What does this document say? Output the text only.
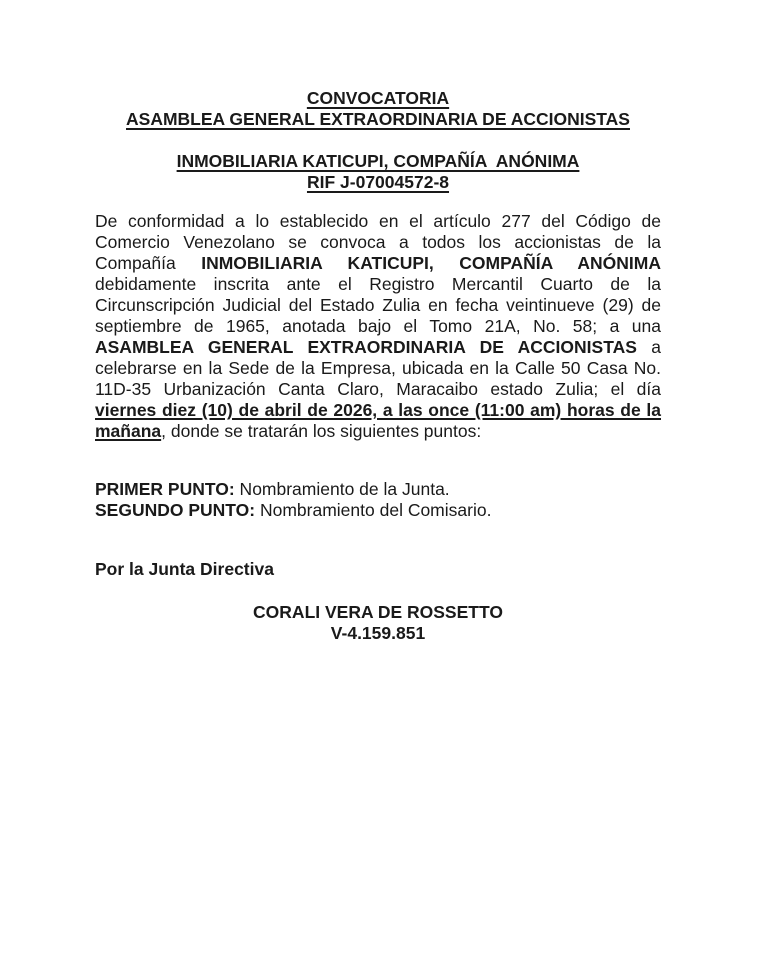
CONVOCATORIA
ASAMBLEA GENERAL EXTRAORDINARIA DE ACCIONISTAS
INMOBILIARIA KATICUPI, COMPAÑÍA  ANÓNIMA
RIF J-07004572-8

De conformidad a lo establecido en el artículo 277 del Código de Comercio Venezolano se convoca a todos los accionistas de la Compañía INMOBILIARIA KATICUPI, COMPAÑÍA ANÓNIMA debidamente inscrita ante el Registro Mercantil Cuarto de la Circunscripción Judicial del Estado Zulia en fecha veintinueve (29) de septiembre de 1965, anotada bajo el Tomo 21A, No. 58; a una ASAMBLEA GENERAL EXTRAORDINARIA DE ACCIONISTAS a celebrarse en la Sede de la Empresa, ubicada en la Calle 50 Casa No. 11D-35 Urbanización Canta Claro, Maracaibo estado Zulia; el día viernes diez (10) de abril de 2026, a las once (11:00 am) horas de la mañana, donde se tratarán los siguientes puntos:

PRIMER PUNTO: Nombramiento de la Junta.
SEGUNDO PUNTO: Nombramiento del Comisario.
Por la Junta Directiva
CORALI VERA DE ROSSETTO
V-4.159.851
